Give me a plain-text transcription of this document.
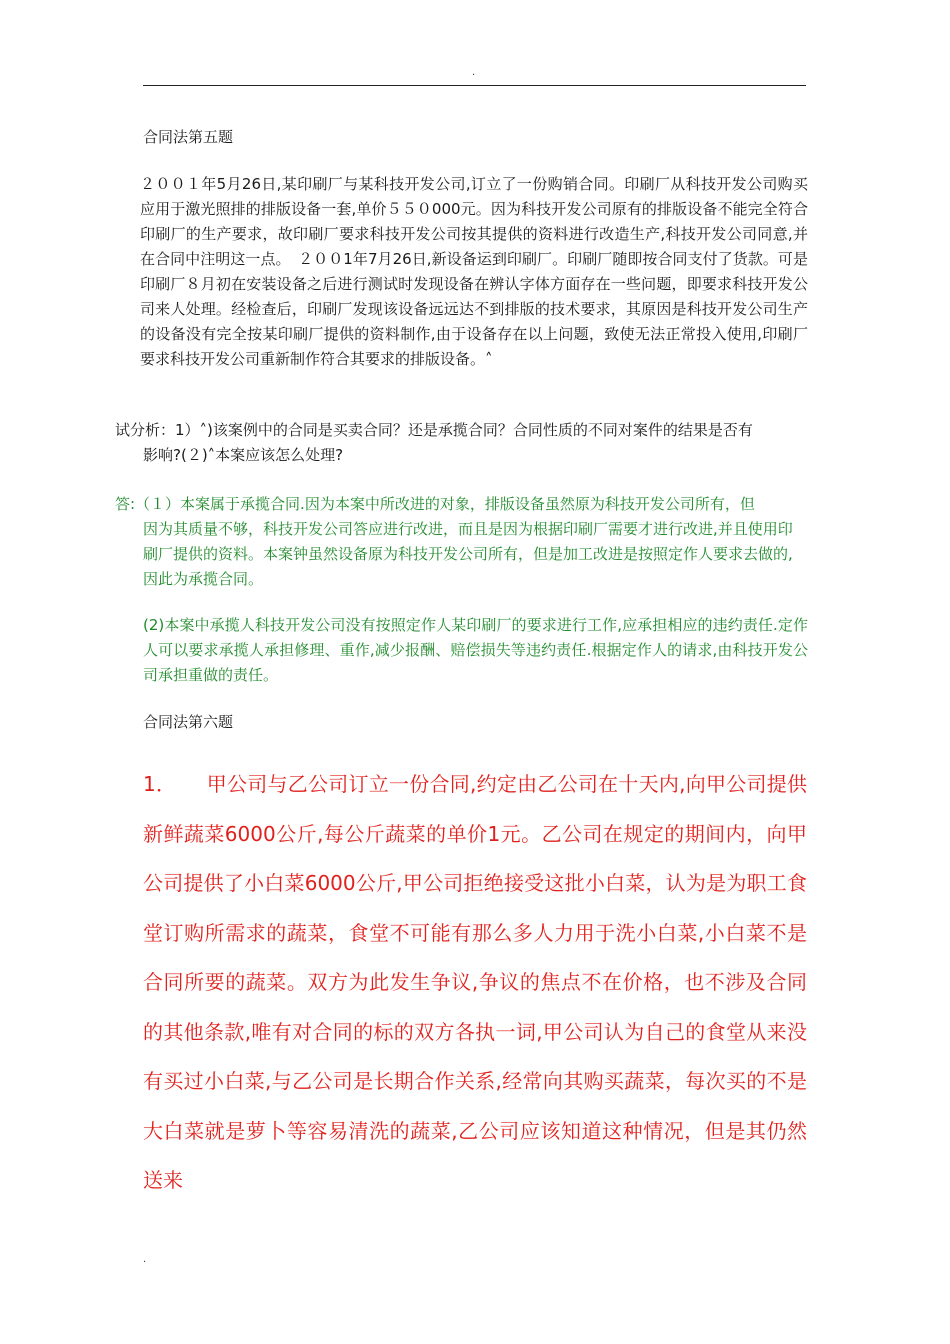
.
合同法第五题
２００１年5月26日,某印刷厂与某科技开发公司,订立了一份购销合同。印刷厂从科技开发公司购买应用于激光照排的排版设备一套,单价５５０000元。因为科技开发公司原有的排版设备不能完全符合印刷厂的生产要求，故印刷厂要求科技开发公司按其提供的资料进行改造生产,科技开发公司同意,并在合同中注明这一点。　２００1年7月26日,新设备运到印刷厂。印刷厂随即按合同支付了货款。可是印刷厂８月初在安装设备之后进行测试时发现设备在辨认字体方面存在一些问题，即要求科技开发公司来人处理。经检查后，印刷厂发现该设备远远达不到排版的技术要求，其原因是科技开发公司生产的设备没有完全按某印刷厂提供的资料制作,由于设备存在以上问题，致使无法正常投入使用,印刷厂要求科技开发公司重新制作符合其要求的排版设备。˄
试分析：1）˄)该案例中的合同是买卖合同？还是承揽合同？合同性质的不同对案件的结果是否有
影响?(２)˄本案应该怎么处理?
答:（１）本案属于承揽合同.因为本案中所改进的对象，排版设备虽然原为科技开发公司所有，但
因为其质量不够，科技开发公司答应进行改进，而且是因为根据印刷厂需要才进行改进,并且使用印刷厂提供的资料。本案钟虽然设备原为科技开发公司所有，但是加工改进是按照定作人要求去做的,因此为承揽合同。
(2)本案中承揽人科技开发公司没有按照定作人某印刷厂的要求进行工作,应承担相应的违约责任.定作人可以要求承揽人承担修理、重作,减少报酬、赔偿损失等违约责任.根据定作人的请求,由科技开发公司承担重做的责任。
合同法第六题
1．　　甲公司与乙公司订立一份合同,约定由乙公司在十天内,向甲公司提供新鲜蔬菜6000公斤,每公斤蔬菜的单价1元。乙公司在规定的期间内，向甲公司提供了小白菜6000公斤,甲公司拒绝接受这批小白菜，认为是为职工食堂订购所需求的蔬菜，食堂不可能有那么多人力用于洗小白菜,小白菜不是合同所要的蔬菜。双方为此发生争议,争议的焦点不在价格，也不涉及合同的其他条款,唯有对合同的标的双方各执一词,甲公司认为自己的食堂从来没有买过小白菜,与乙公司是长期合作关系,经常向其购买蔬菜，每次买的不是大白菜就是萝卜等容易清洗的蔬菜,乙公司应该知道这种情况，但是其仍然送来
.
